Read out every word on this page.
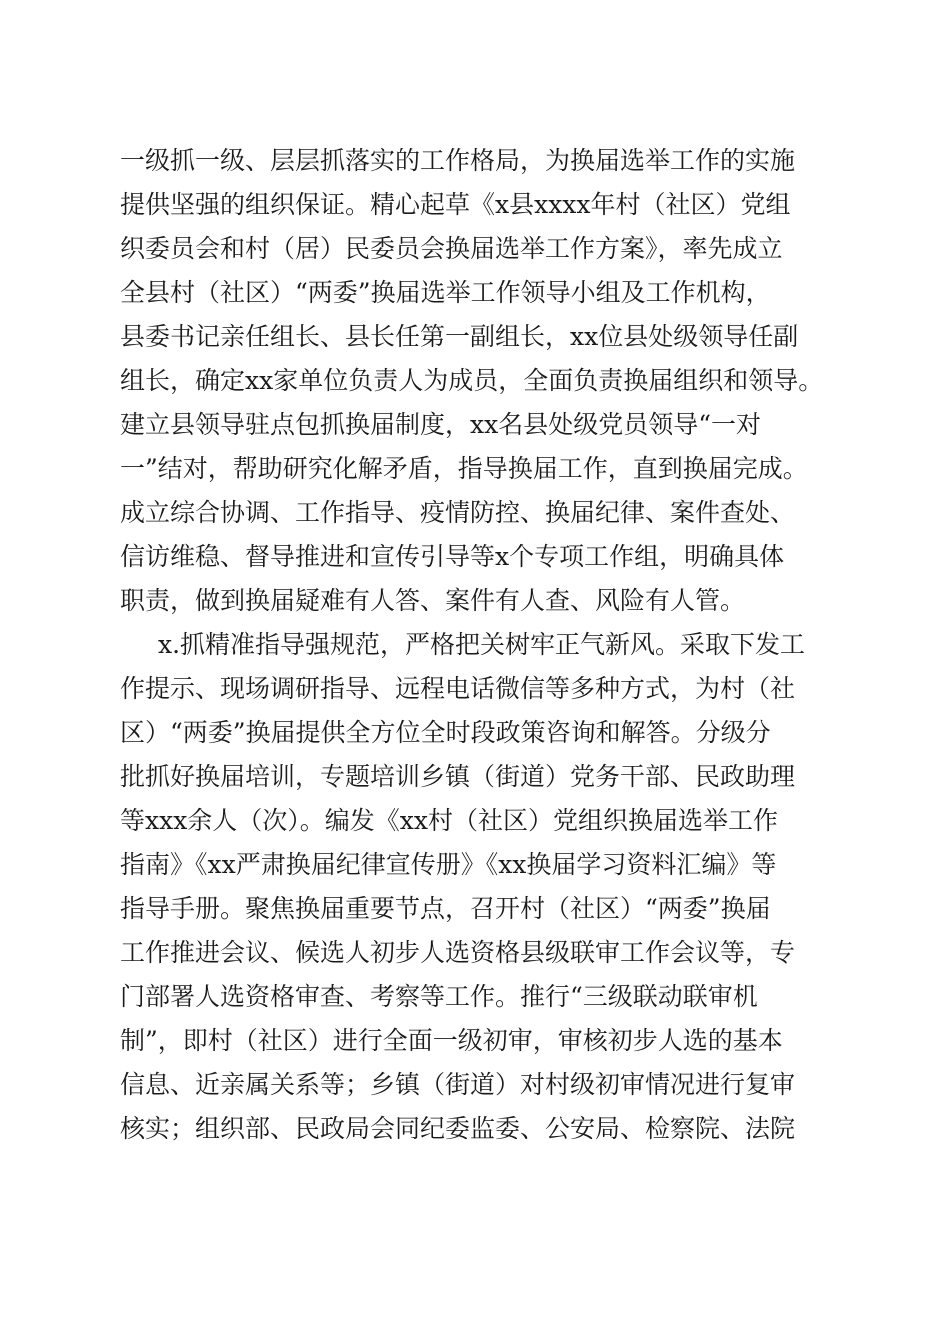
一级抓一级、层层抓落实的工作格局，为换届选举工作的实施

提供坚强的组织保证。精心起草《x县xxxx年村（社区）党组

织委员会和村（居）民委员会换届选举工作方案》，率先成立

全县村（社区）“两委”换届选举工作领导小组及工作机构，

县委书记亲任组长、县长任第一副组长，xx位县处级领导任副

组长，确定xx家单位负责人为成员，全面负责换届组织和领导。

建立县领导驻点包抓换届制度，xx名县处级党员领导“一对

一”结对，帮助研究化解矛盾，指导换届工作，直到换届完成。

成立综合协调、工作指导、疫情防控、换届纪律、案件查处、

信访维稳、督导推进和宣传引导等x个专项工作组，明确具体

职责，做到换届疑难有人答、案件有人查、风险有人管。

x.抓精准指导强规范，严格把关树牢正气新风。采取下发工

作提示、现场调研指导、远程电话微信等多种方式，为村（社

区）“两委”换届提供全方位全时段政策咨询和解答。分级分

批抓好换届培训，专题培训乡镇（街道）党务干部、民政助理

等xxx余人（次）。编发《xx村（社区）党组织换届选举工作

指南》《xx严肃换届纪律宣传册》《xx换届学习资料汇编》等

指导手册。聚焦换届重要节点，召开村（社区）“两委”换届

工作推进会议、候选人初步人选资格县级联审工作会议等，专

门部署人选资格审查、考察等工作。推行“三级联动联审机

制”，即村（社区）进行全面一级初审，审核初步人选的基本

信息、近亲属关系等；乡镇（街道）对村级初审情况进行复审

核实；组织部、民政局会同纪委监委、公安局、检察院、法院
